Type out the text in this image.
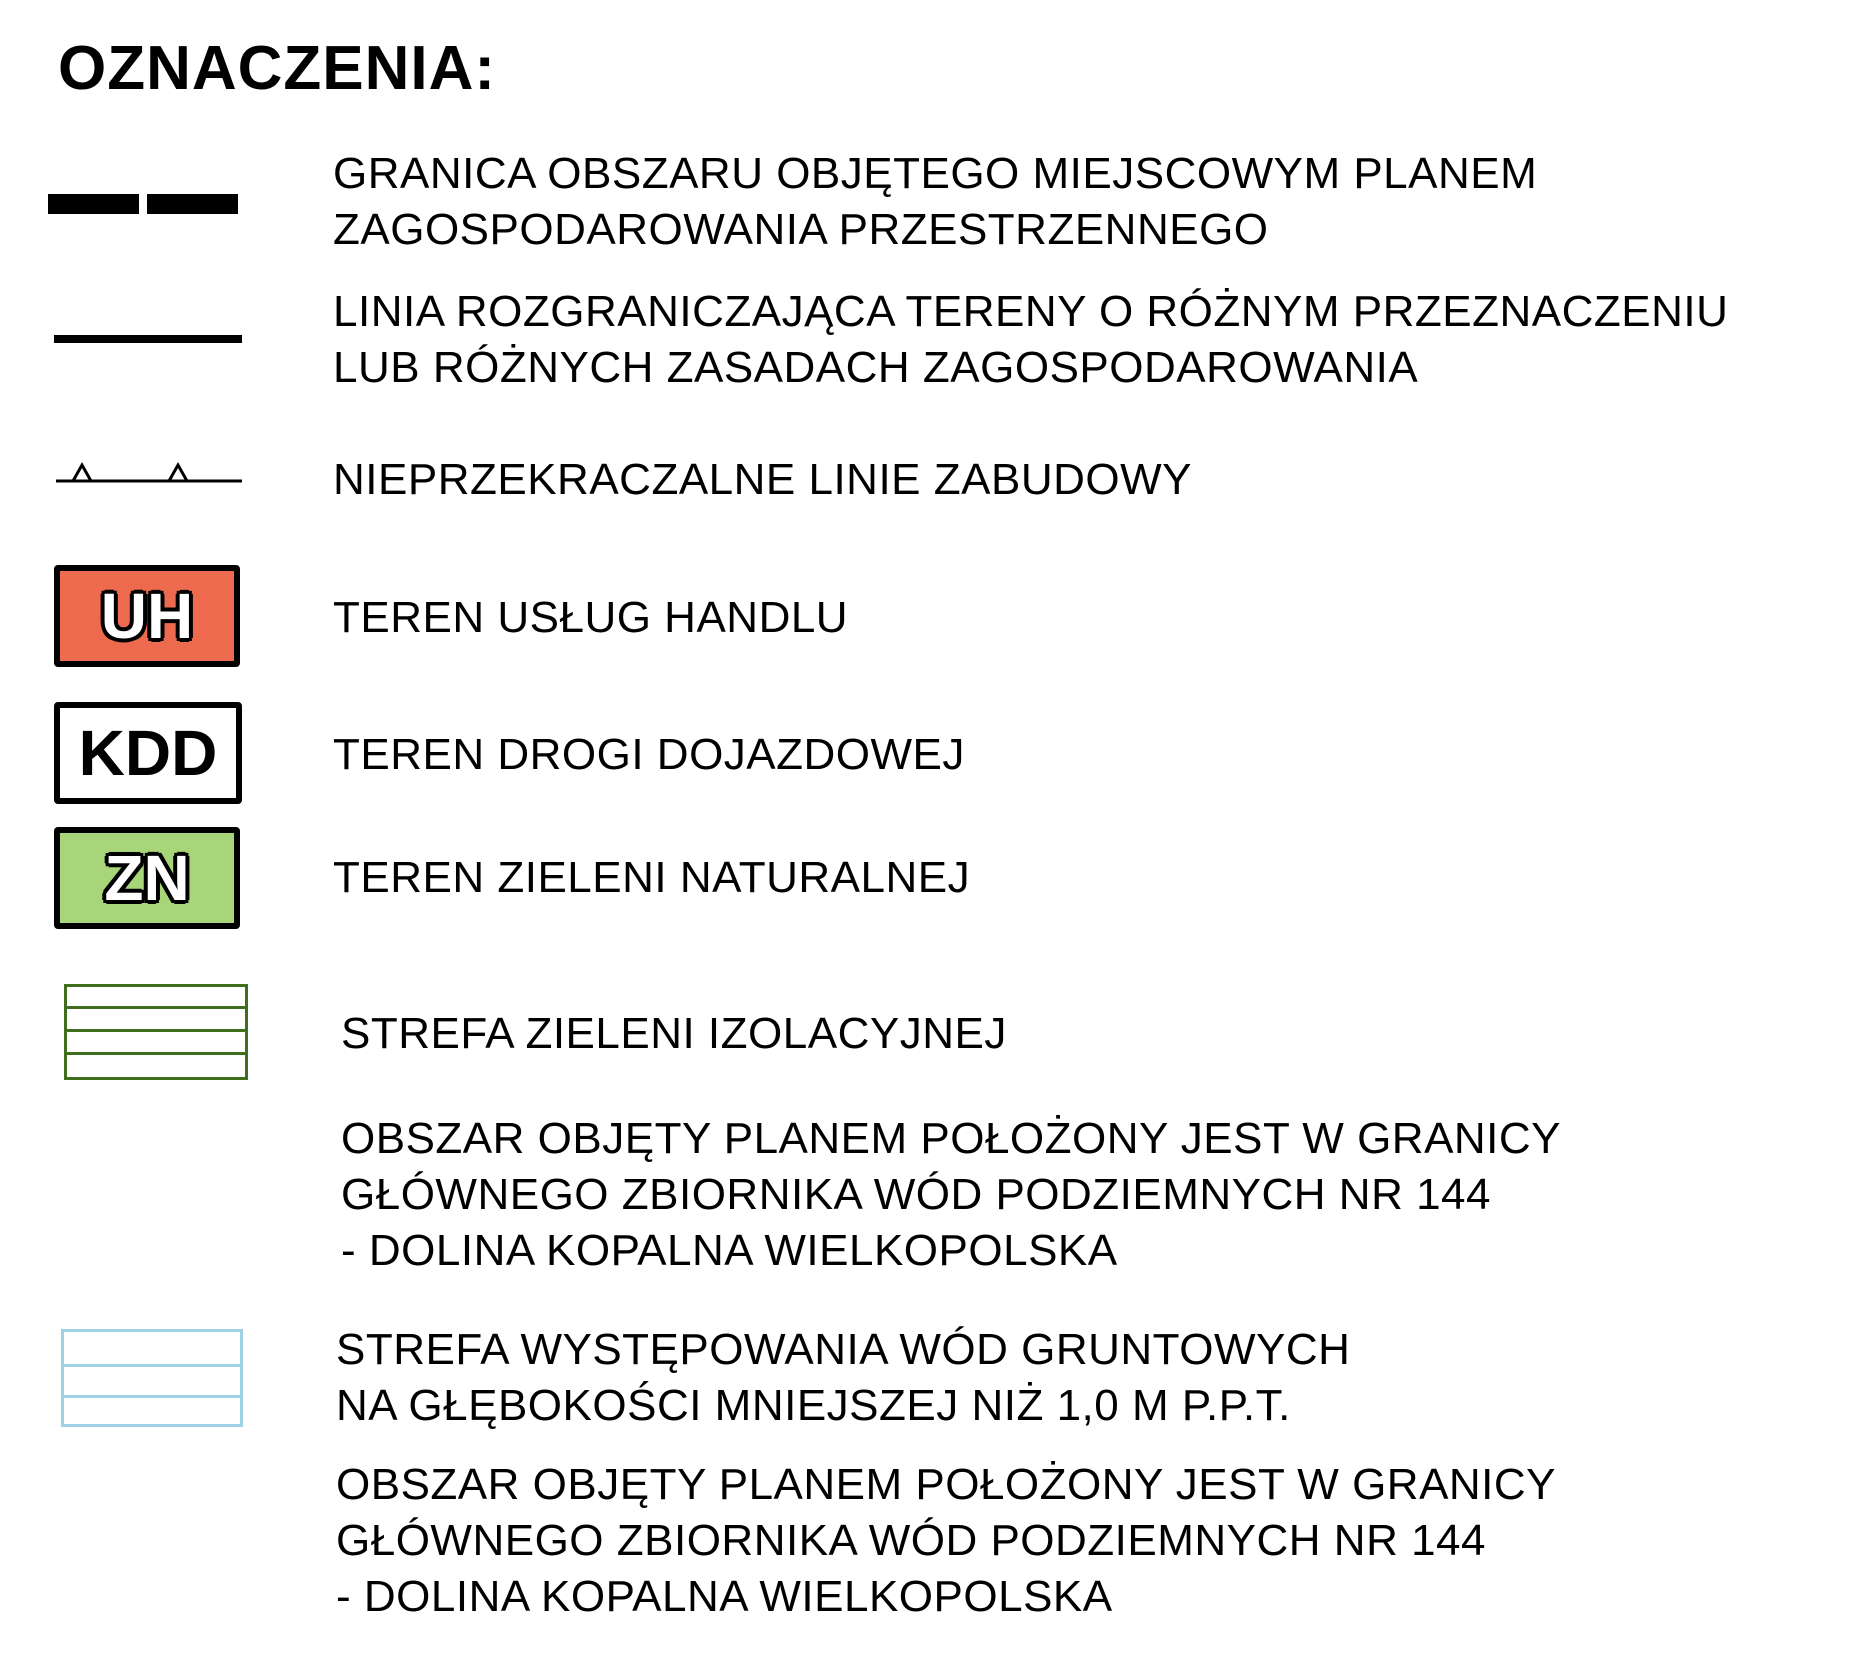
OZNACZENIA:
GRANICA OBSZARU OBJĘTEGO MIEJSCOWYM PLANEM
ZAGOSPODAROWANIA PRZESTRZENNEGO
LINIA ROZGRANICZAJĄCA TERENY O RÓŻNYM PRZEZNACZENIU
LUB RÓŻNYCH ZASADACH ZAGOSPODAROWANIA
NIEPRZEKRACZALNE LINIE ZABUDOWY
UH	TEREN USŁUG HANDLU
KDD	TEREN DROGI DOJAZDOWEJ
ZN	TEREN ZIELENI NATURALNEJ
STREFA ZIELENI IZOLACYJNEJ
OBSZAR OBJĘTY PLANEM POŁOŻONY JEST W GRANICY
GŁÓWNEGO ZBIORNIKA WÓD PODZIEMNYCH NR 144
- DOLINA KOPALNA WIELKOPOLSKA
STREFA WYSTĘPOWANIA WÓD GRUNTOWYCH
NA GŁĘBOKOŚCI MNIEJSZEJ NIŻ 1,0 M P.P.T.
OBSZAR OBJĘTY PLANEM POŁOŻONY JEST W GRANICY
GŁÓWNEGO ZBIORNIKA WÓD PODZIEMNYCH NR 144
- DOLINA KOPALNA WIELKOPOLSKA
